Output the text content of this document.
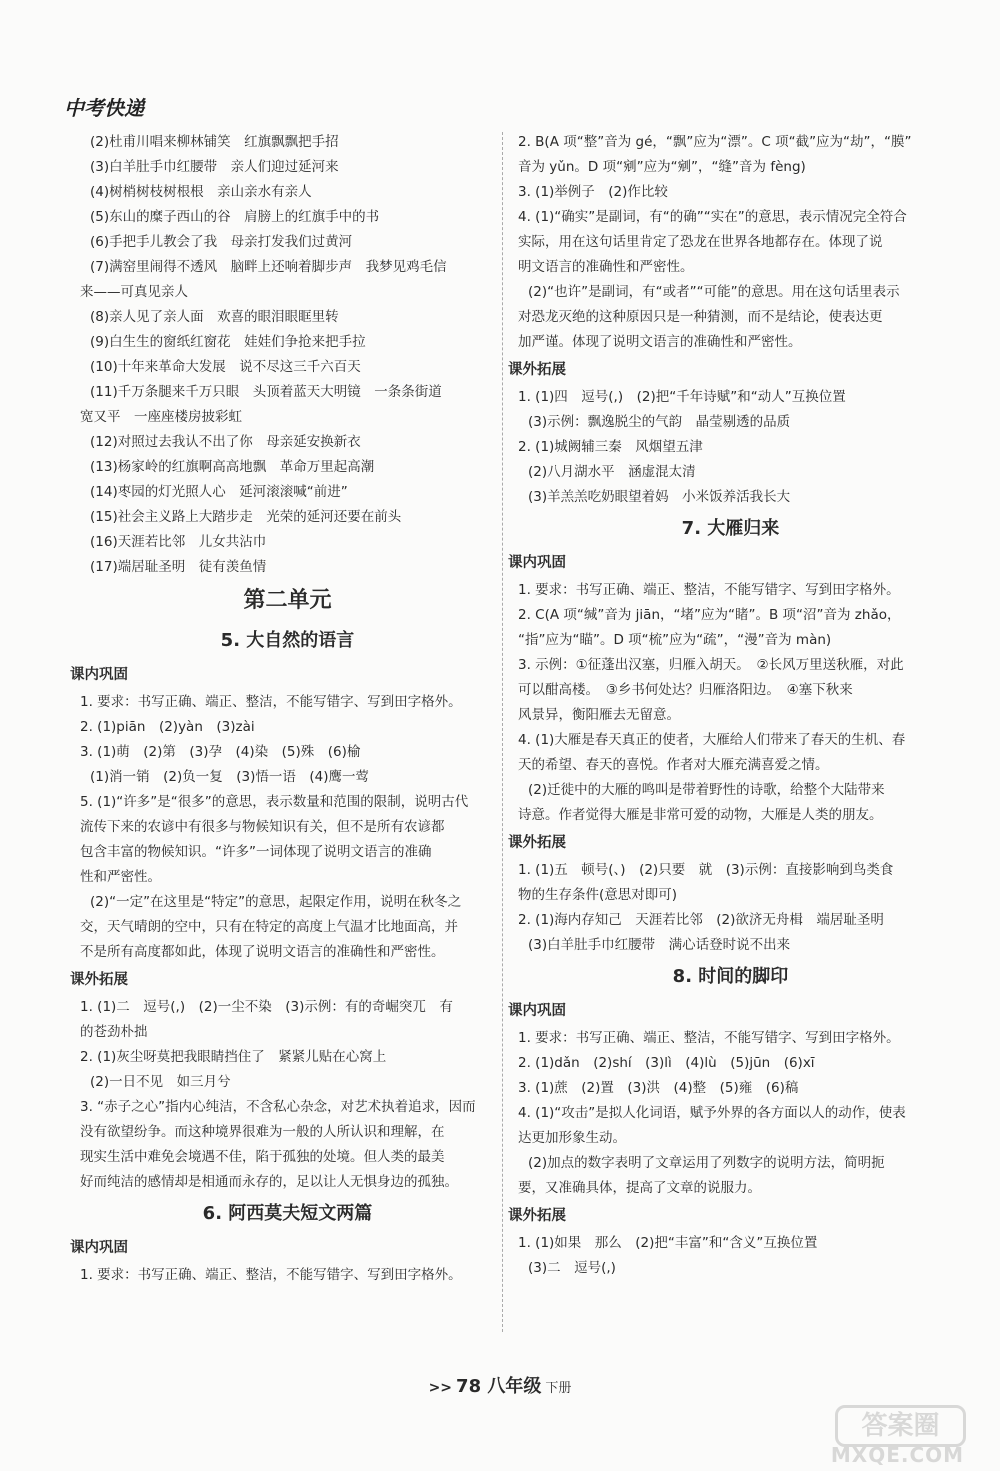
中考快递
(2)杜甫川唱来柳林铺笑　红旗飘飘把手招
(3)白羊肚手巾红腰带　亲人们迎过延河来
(4)树梢树枝树根根　亲山亲水有亲人
(5)东山的糜子西山的谷　肩膀上的红旗手中的书
(6)手把手儿教会了我　母亲打发我们过黄河
(7)满窑里闹得不透风　脑畔上还响着脚步声　我梦见鸡毛信
来——可真见亲人
(8)亲人见了亲人面　欢喜的眼泪眼眶里转
(9)白生生的窗纸红窗花　娃娃们争抢来把手拉
(10)十年来革命大发展　说不尽这三千六百天
(11)千万条腿来千万只眼　头顶着蓝天大明镜　一条条街道
宽又平　一座座楼房披彩虹
(12)对照过去我认不出了你　母亲延安换新衣
(13)杨家岭的红旗啊高高地飘　革命万里起高潮
(14)枣园的灯光照人心　延河滚滚喊“前进”
(15)社会主义路上大踏步走　光荣的延河还要在前头
(16)天涯若比邻　儿女共沾巾
(17)端居耻圣明　徒有羡鱼情
第二单元
5. 大自然的语言
课内巩固
1. 要求：书写正确、端正、整洁，不能写错字、写到田字格外。
2. (1)piān　(2)yàn　(3)zài
3. (1)萌　(2)第　(3)孕　(4)染　(5)殊　(6)榆
(1)消一销　(2)负一复　(3)悟一语　(4)鹰一莺
5. (1)“许多”是“很多”的意思，表示数量和范围的限制，说明古代
流传下来的农谚中有很多与物候知识有关，但不是所有农谚都
包含丰富的物候知识。“许多”一词体现了说明文语言的准确
性和严密性。
(2)“一定”在这里是“特定”的意思，起限定作用，说明在秋冬之
交，天气晴朗的空中，只有在特定的高度上气温才比地面高，并
不是所有高度都如此，体现了说明文语言的准确性和严密性。
课外拓展
1. (1)二　逗号(,)　(2)一尘不染　(3)示例：有的奇崛突兀　有
的苍劲朴拙
2. (1)灰尘呀莫把我眼睛挡住了　紧紧儿贴在心窝上
(2)一日不见　如三月兮
3. “赤子之心”指内心纯洁，不含私心杂念，对艺术执着追求，因而
没有欲望纷争。而这种境界很难为一般的人所认识和理解，在
现实生活中难免会境遇不佳，陷于孤独的处境。但人类的最美
好而纯洁的感情却是相通而永存的，足以让人无惧身边的孤独。
6. 阿西莫夫短文两篇
课内巩固
1. 要求：书写正确、端正、整洁，不能写错字、写到田字格外。
2. B(A 项“整”音为 gé，“飘”应为“漂”。C 项“截”应为“劫”，“膜”
音为 yǔn。D 项“剜”应为“剜”，“缝”音为 fèng)
3. (1)举例子　(2)作比较
4. (1)“确实”是副词，有“的确”“实在”的意思，表示情况完全符合
实际，用在这句话里肯定了恐龙在世界各地都存在。体现了说
明文语言的准确性和严密性。
(2)“也许”是副词，有“或者”“可能”的意思。用在这句话里表示
对恐龙灭绝的这种原因只是一种猜测，而不是结论，使表达更
加严谨。体现了说明文语言的准确性和严密性。
课外拓展
1. (1)四　逗号(,)　(2)把“千年诗赋”和“动人”互换位置
(3)示例：飘逸脱尘的气韵　晶莹剔透的品质
2. (1)城阙辅三秦　风烟望五津
(2)八月湖水平　涵虚混太清
(3)羊羔羔吃奶眼望着妈　小米饭养活我长大
7. 大雁归来
课内巩固
1. 要求：书写正确、端正、整洁，不能写错字、写到田字格外。
2. C(A 项“缄”音为 jiān，“堵”应为“睹”。B 项“沼”音为 zhǎo，
“指”应为“瞄”。D 项“梳”应为“疏”，“漫”音为 màn)
3. 示例：①征蓬出汉塞，归雁入胡天。　②长风万里送秋雁，对此
可以酣高楼。　③乡书何处达？归雁洛阳边。　④塞下秋来
风景异，衡阳雁去无留意。
4. (1)大雁是春天真正的使者，大雁给人们带来了春天的生机、春
天的希望、春天的喜悦。作者对大雁充满喜爱之情。
(2)迁徙中的大雁的鸣叫是带着野性的诗歌，给整个大陆带来
诗意。作者觉得大雁是非常可爱的动物，大雁是人类的朋友。
课外拓展
1. (1)五　顿号(、)　(2)只要　就　(3)示例：直接影响到鸟类食
物的生存条件(意思对即可)
2. (1)海内存知己　天涯若比邻　(2)欲济无舟楫　端居耻圣明
(3)白羊肚手巾红腰带　满心话登时说不出来
8. 时间的脚印
课内巩固
1. 要求：书写正确、端正、整洁，不能写错字、写到田字格外。
2. (1)dǎn　(2)shí　(3)lì　(4)lù　(5)jūn　(6)xī
3. (1)蔗　(2)置　(3)洪　(4)整　(5)雍　(6)稿
4. (1)“攻击”是拟人化词语，赋予外界的各方面以人的动作，使表
达更加形象生动。
(2)加点的数字表明了文章运用了列数字的说明方法，简明扼
要，又准确具体，提高了文章的说服力。
课外拓展
1. (1)如果　那么　(2)把“丰富”和“含义”互换位置
(3)二　逗号(,)
>> 78 八年级 下册
答案圈
MXQE.COM
